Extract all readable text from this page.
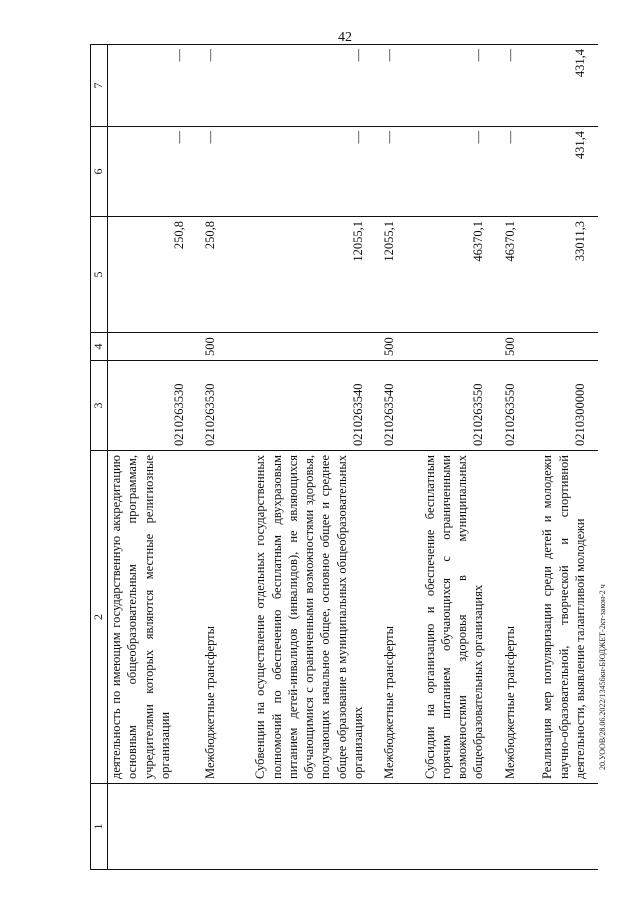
42
1	2	3	4	5	6	7
	деятельность по имеющим государственную аккредитацию основным общеобразовательным программам, учредителями которых являются местные религиозные организации	0210263530		250,8	—	—
	Межбюджетные трансферты	0210263530	500	250,8	—	—
	Субвенции на осуществление отдельных государственных полномочий по обеспечению бесплатным двухразовым питанием детей-инвалидов (инвалидов), не являющихся обучающимися с ограниченными возможностями здоровья, получающих начальное общее, основное общее и среднее общее образование в муниципальных общеобразовательных организациях	0210263540		12055,1	—	—
	Межбюджетные трансферты	0210263540	500	12055,1	—	—
	Субсидии на организацию и обеспечение бесплатным горячим питанием обучающихся с ограниченными возможностями здоровья в муниципальных общеобразовательных организациях	0210263550		46370,1	—	—
	Межбюджетные трансферты	0210263550	500	46370,1	—	—
	Реализация мер популяризации среди детей и молодежи научно-образовательной, творческой и спортивной деятельности, выявление талантливой молодежи	0210300000		33011,3	431,4	431,4
20.УООВ/28.06.2022/13456кн-БЮДЖЕТ-2кт-закон-2 ч
